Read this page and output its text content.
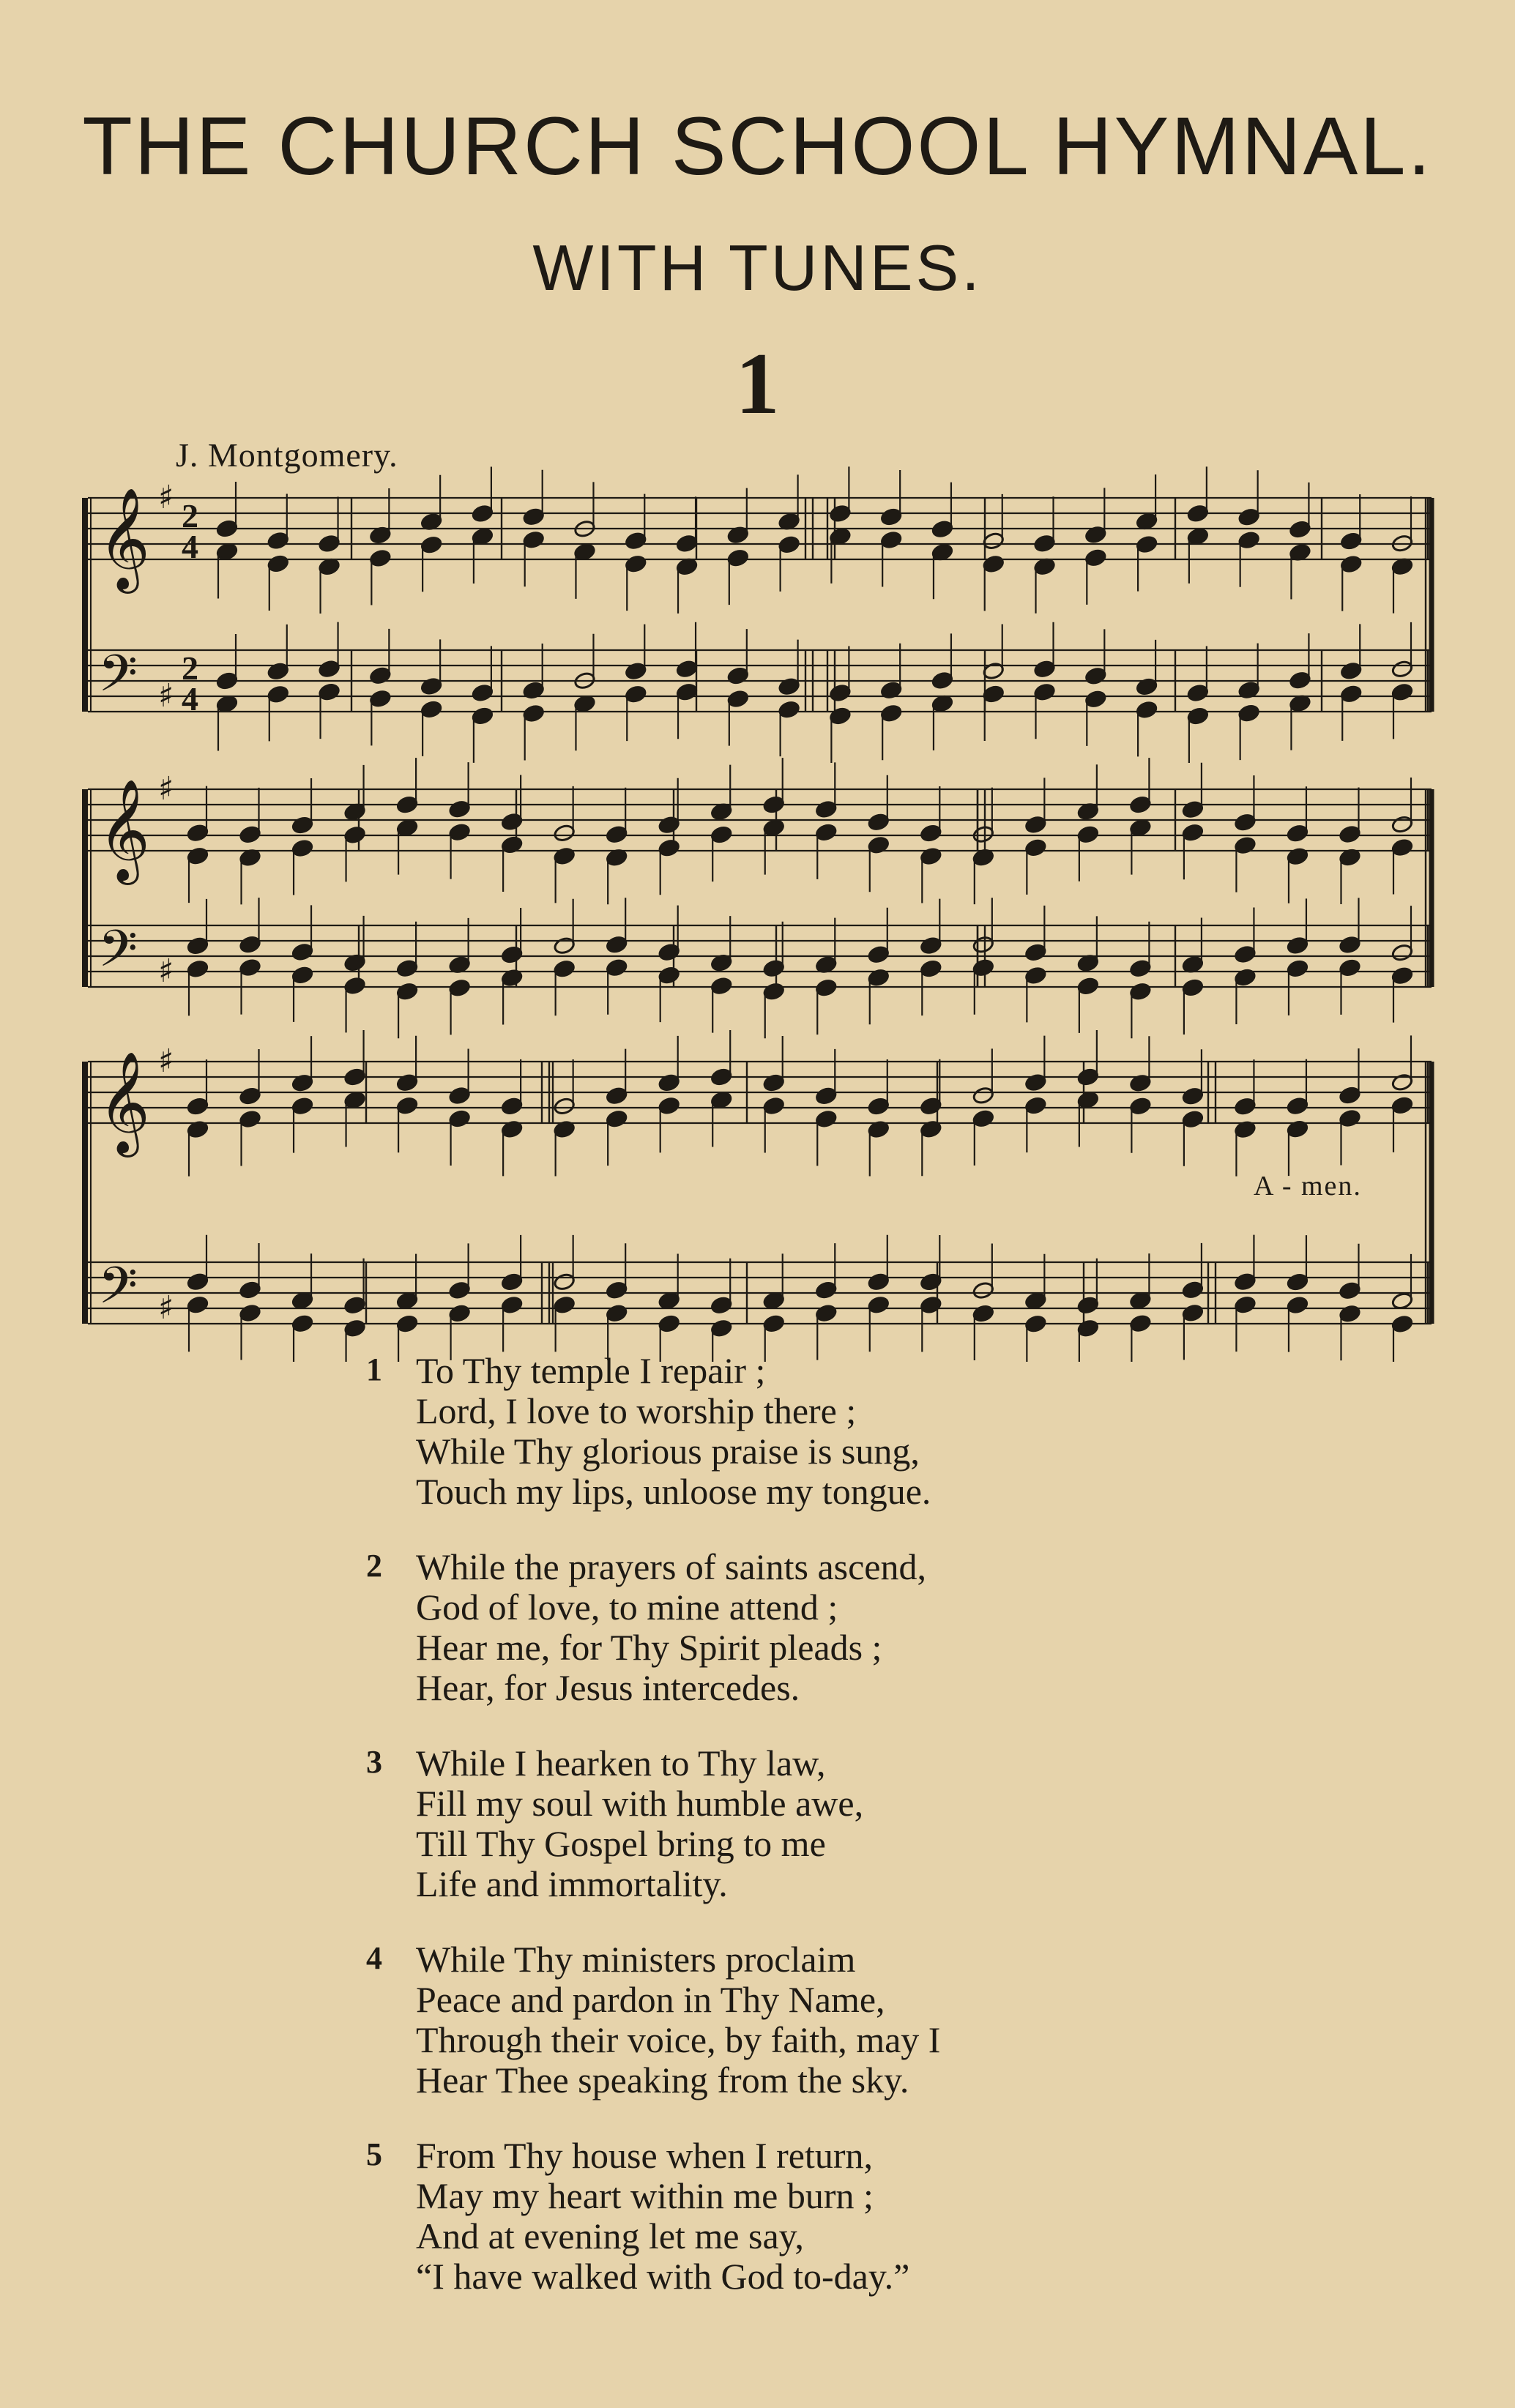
THE CHURCH SCHOOL HYMNAL.
WITH TUNES.
1
J. Montgomery.
𝄞
𝄢
♯
♯
2
4
2
4
𝄞
𝄢
♯
♯
𝄞
𝄢
♯
♯
A - men.
1 To Thy temple I repair ;
Lord, I love to worship there ;
While Thy glorious praise is sung,
Touch my lips, unloose my tongue.
2 While the prayers of saints ascend,
God of love, to mine attend ;
Hear me, for Thy Spirit pleads ;
Hear, for Jesus intercedes.
3 While I hearken to Thy law,
Fill my soul with humble awe,
Till Thy Gospel bring to me
Life and immortality.
4 While Thy ministers proclaim
Peace and pardon in Thy Name,
Through their voice, by faith, may I
Hear Thee speaking from the sky.
5 From Thy house when I return,
May my heart within me burn ;
And at evening let me say,
“I have walked with God to-day.”
